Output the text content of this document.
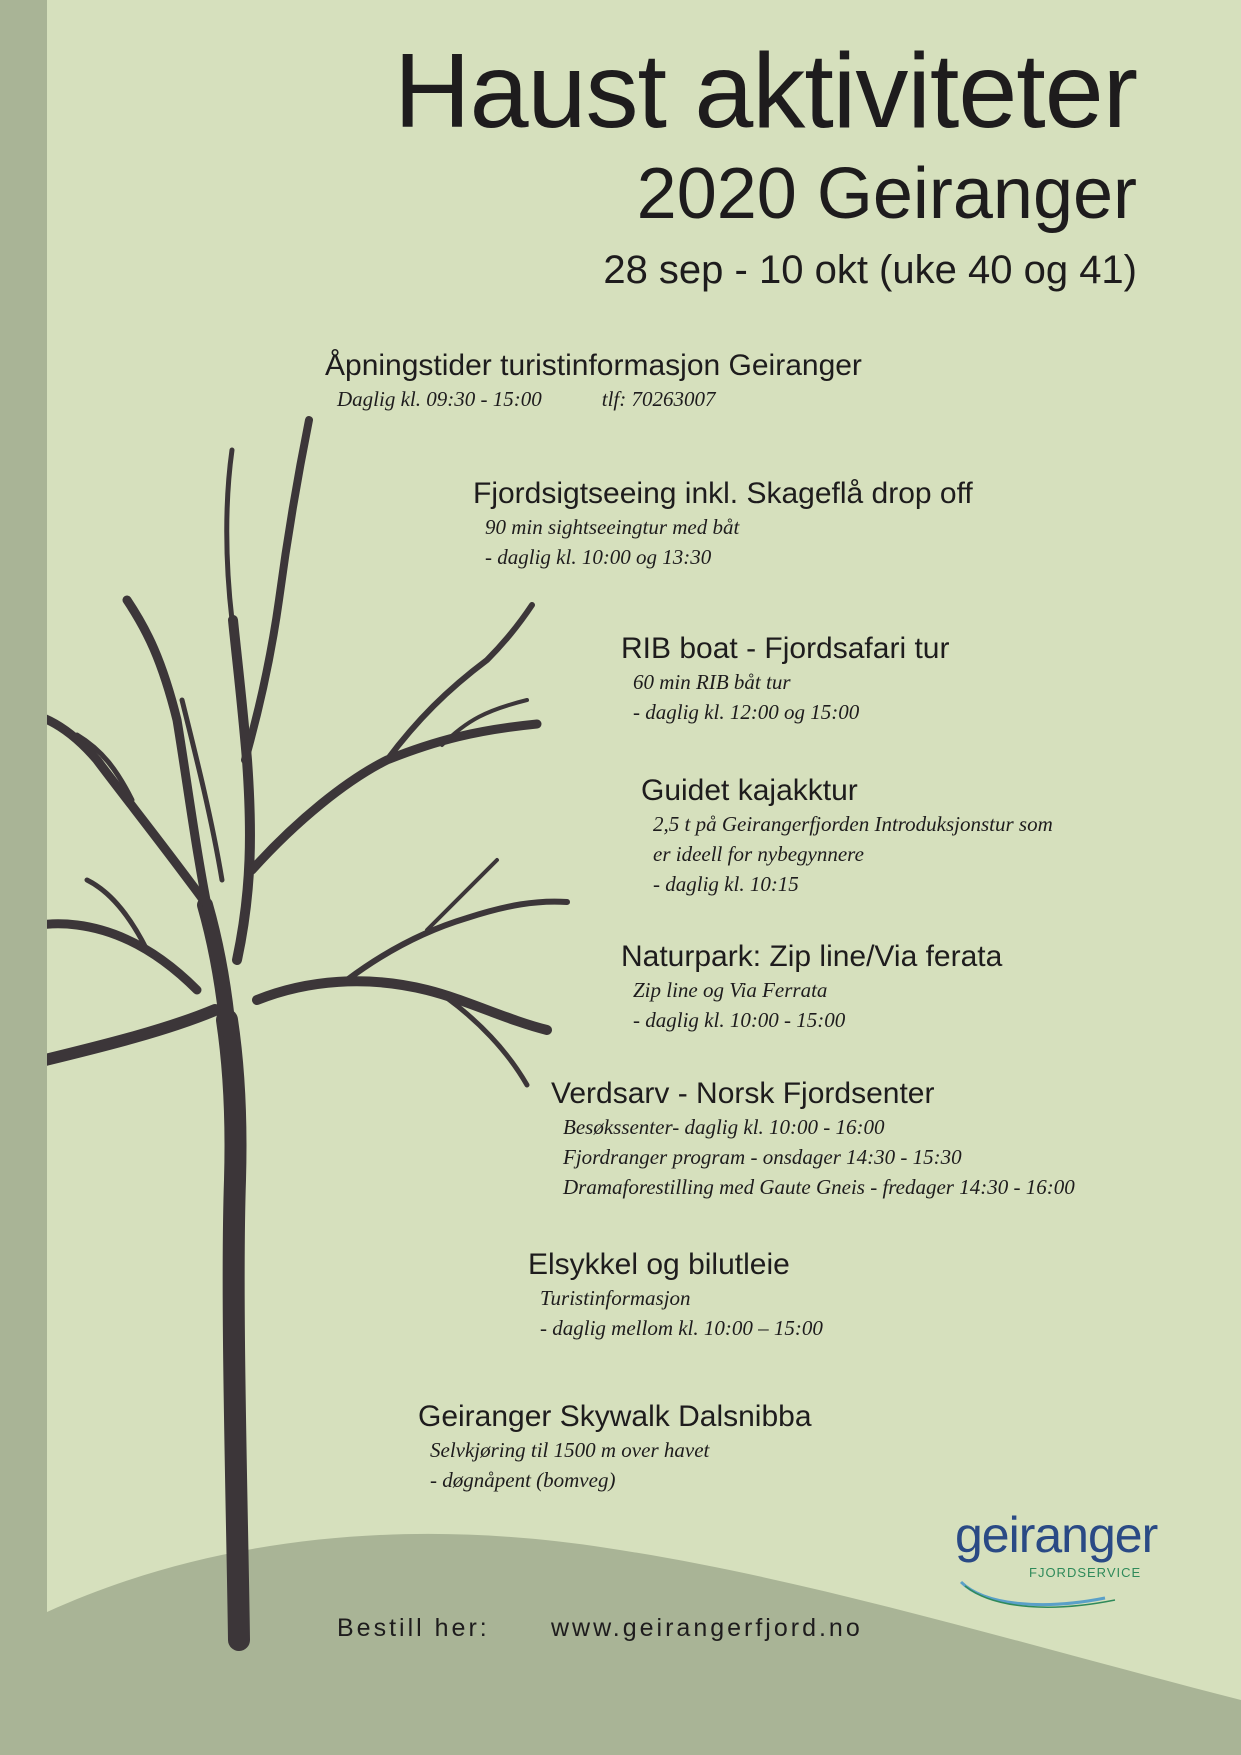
Haust aktiviteter
2020 Geiranger
28 sep - 10 okt (uke 40 og 41)
Åpningstider turistinformasjon Geiranger
Daglig kl. 09:30 - 15:00	tlf: 70263007
Fjordsigtseeing inkl. Skageflå drop off
90 min sightseeingtur med båt
- daglig kl. 10:00 og 13:30
RIB boat - Fjordsafari tur
60 min RIB båt tur
- daglig kl. 12:00 og 15:00
Guidet kajakktur
2,5 t på Geirangerfjorden Introduksjonstur som
er ideell for nybegynnere
- daglig kl. 10:15
Naturpark: Zip line/Via ferata
Zip line og Via Ferrata
- daglig kl. 10:00 - 15:00
Verdsarv - Norsk Fjordsenter
Besøkssenter- daglig kl. 10:00 - 16:00
Fjordranger program - onsdager 14:30 - 15:30
Dramaforestilling med Gaute Gneis - fredager 14:30 - 16:00
Elsykkel og bilutleie
Turistinformasjon
- daglig mellom kl. 10:00 – 15:00
Geiranger Skywalk Dalsnibba
Selvkjøring til 1500 m over havet
- døgnåpent (bomveg)
geiranger
FJORDSERVICE
Bestill her: www.geirangerfjord.no
